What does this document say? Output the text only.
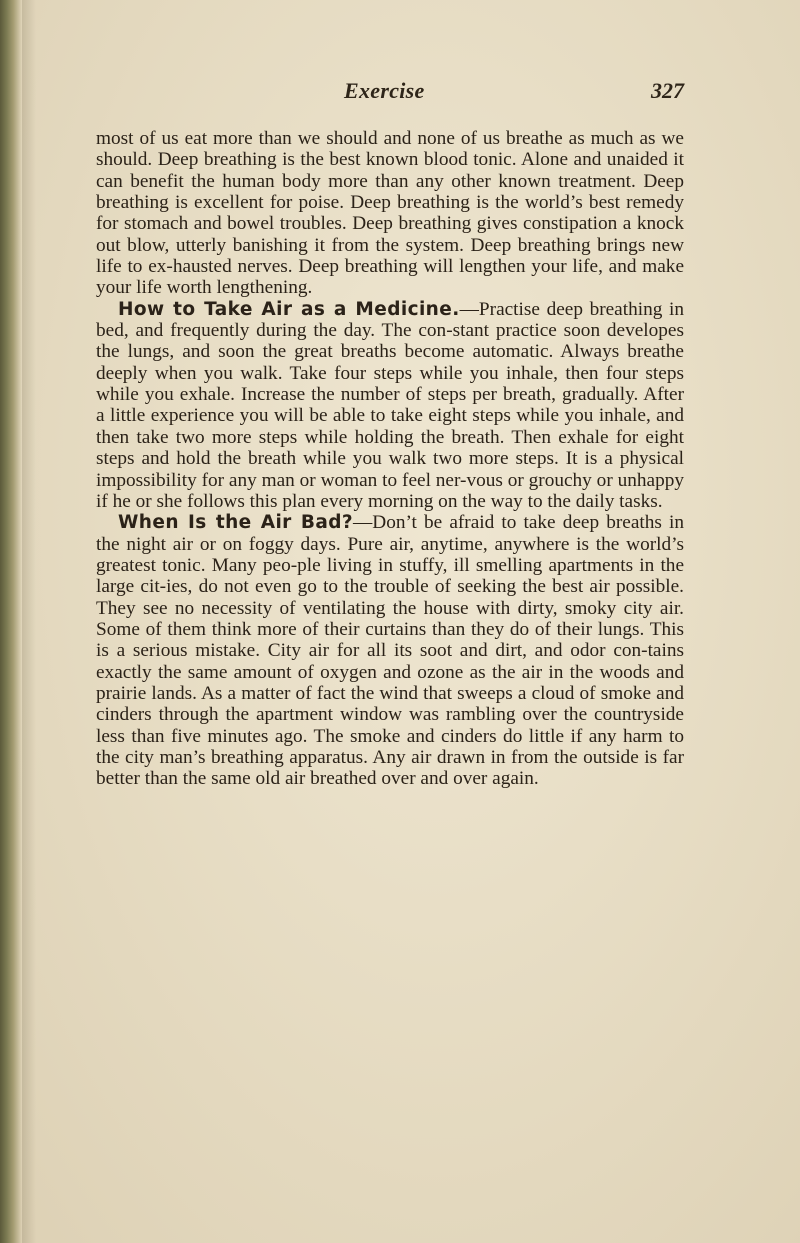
Exercise	327

most of us eat more than we should and none of us breathe as much as we should. Deep breathing is the best known blood tonic. Alone and unaided it can benefit the human body more than any other known treatment. Deep breathing is excellent for poise. Deep breathing is the world’s best remedy for stomach and bowel troubles. Deep breathing gives constipation a knock out blow, utterly banishing it from the system. Deep breathing brings new life to ex-hausted nerves. Deep breathing will lengthen your life, and make your life worth lengthening.

How to Take Air as a Medicine.—Practise deep breathing in bed, and frequently during the day. The con-stant practice soon developes the lungs, and soon the great breaths become automatic. Always breathe deeply when you walk. Take four steps while you inhale, then four steps while you exhale. Increase the number of steps per breath, gradually. After a little experience you will be able to take eight steps while you inhale, and then take two more steps while holding the breath. Then exhale for eight steps and hold the breath while you walk two more steps. It is a physical impossibility for any man or woman to feel ner-vous or grouchy or unhappy if he or she follows this plan every morning on the way to the daily tasks.

When Is the Air Bad?—Don’t be afraid to take deep breaths in the night air or on foggy days. Pure air, anytime, anywhere is the world’s greatest tonic. Many peo-ple living in stuffy, ill smelling apartments in the large cit-ies, do not even go to the trouble of seeking the best air possible. They see no necessity of ventilating the house with dirty, smoky city air. Some of them think more of their curtains than they do of their lungs. This is a serious mistake. City air for all its soot and dirt, and odor con-tains exactly the same amount of oxygen and ozone as the air in the woods and prairie lands. As a matter of fact the wind that sweeps a cloud of smoke and cinders through the apartment window was rambling over the countryside less than five minutes ago. The smoke and cinders do little if any harm to the city man’s breathing apparatus. Any air drawn in from the outside is far better than the same old air breathed over and over again.
